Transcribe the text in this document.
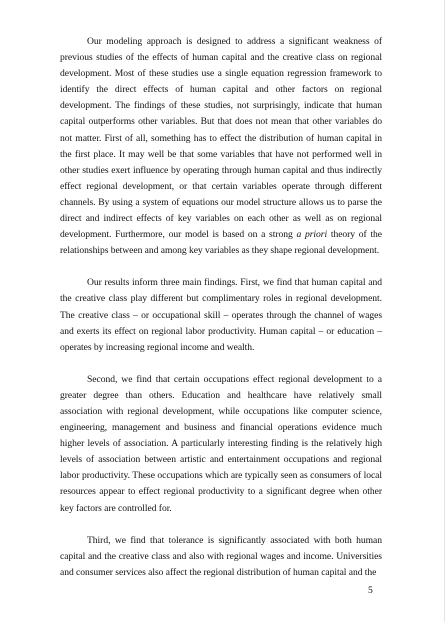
Our modeling approach is designed to address a significant weakness of previous studies of the effects of human capital and the creative class on regional development. Most of these studies use a single equation regression framework to identify the direct effects of human capital and other factors on regional development. The findings of these studies, not surprisingly, indicate that human capital outperforms other variables. But that does not mean that other variables do not matter. First of all, something has to effect the distribution of human capital in the first place. It may well be that some variables that have not performed well in other studies exert influence by operating through human capital and thus indirectly effect regional development, or that certain variables operate through different channels. By using a system of equations our model structure allows us to parse the direct and indirect effects of key variables on each other as well as on regional development. Furthermore, our model is based on a strong a priori theory of the relationships between and among key variables as they shape regional development.

Our results inform three main findings. First, we find that human capital and the creative class play different but complimentary roles in regional development. The creative class – or occupational skill – operates through the channel of wages and exerts its effect on regional labor productivity. Human capital – or education – operates by increasing regional income and wealth.

Second, we find that certain occupations effect regional development to a greater degree than others. Education and healthcare have relatively small association with regional development, while occupations like computer science, engineering, management and business and financial operations evidence much higher levels of association. A particularly interesting finding is the relatively high levels of association between artistic and entertainment occupations and regional labor productivity. These occupations which are typically seen as consumers of local resources appear to effect regional productivity to a significant degree when other key factors are controlled for.

Third, we find that tolerance is significantly associated with both human capital and the creative class and also with regional wages and income. Universities and consumer services also affect the regional distribution of human capital and the

5
